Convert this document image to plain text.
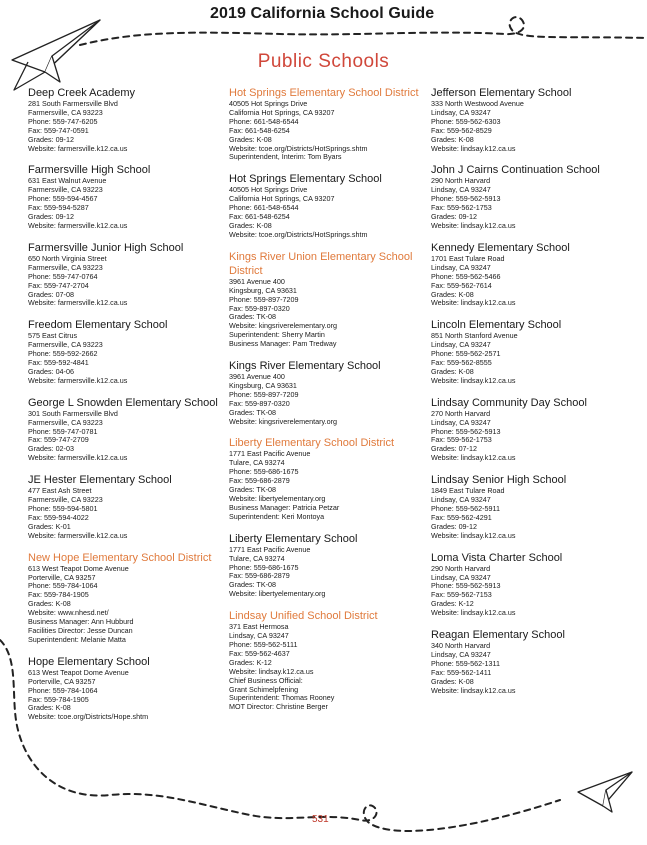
2019 California School Guide
Public Schools
Deep Creek Academy
281 South Farmersville Blvd
Farmersville, CA 93223
Phone: 559-747-6205
Fax: 559-747-0591
Grades: 09-12
Website: farmersville.k12.ca.us
Farmersville High School
631 East Walnut Avenue
Farmersville, CA 93223
Phone: 559-594-4567
Fax: 559-594-5287
Grades: 09-12
Website: farmersville.k12.ca.us
Farmersville Junior High School
650 North Virginia Street
Farmersville, CA 93223
Phone: 559-747-0764
Fax: 559-747-2704
Grades: 07-08
Website: farmersville.k12.ca.us
Freedom Elementary School
575 East Citrus
Farmersville, CA 93223
Phone: 559-592-2662
Fax: 559-592-4841
Grades: 04-06
Website: farmersville.k12.ca.us
George L Snowden Elementary School
301 South Farmersville Blvd
Farmersville, CA 93223
Phone: 559-747-0781
Fax: 559-747-2709
Grades: 02-03
Website: farmersville.k12.ca.us
JE Hester Elementary School
477 East Ash Street
Farmersville, CA 93223
Phone: 559-594-5801
Fax: 559-594-4022
Grades: K-01
Website: farmersville.k12.ca.us
New Hope Elementary School District
613 West Teapot Dome Avenue
Porterville, CA 93257
Phone: 559-784-1064
Fax: 559-784-1905
Grades: K-08
Website: www.nhesd.net/
Business Manager: Ann Hubburd
Facilities Director: Jesse Duncan
Superintendent: Melanie Matta
Hope Elementary School
613 West Teapot Dome Avenue
Porterville, CA 93257
Phone: 559-784-1064
Fax: 559-784-1905
Grades: K-08
Website: tcoe.org/Districts/Hope.shtm
Hot Springs Elementary School District
40505 Hot Springs Drive
California Hot Springs, CA 93207
Phone: 661-548-6544
Fax: 661-548-6254
Grades: K-08
Website: tcoe.org/Districts/HotSprings.shtm
Superintendent, Interim: Tom Byars
Hot Springs Elementary School
40505 Hot Springs Drive
California Hot Springs, CA 93207
Phone: 661-548-6544
Fax: 661-548-6254
Grades: K-08
Website: tcoe.org/Districts/HotSprings.shtm
Kings River Union Elementary School District
3961 Avenue 400
Kingsburg, CA 93631
Phone: 559-897-7209
Fax: 559-897-0320
Grades: TK-08
Website: kingsriverelementary.org
Superintendent: Sherry Martin
Business Manager: Pam Tredway
Kings River Elementary School
3961 Avenue 400
Kingsburg, CA 93631
Phone: 559-897-7209
Fax: 559-897-0320
Grades: TK-08
Website: kingsriverelementary.org
Liberty Elementary School District
1771 East Pacific Avenue
Tulare, CA 93274
Phone: 559-686-1675
Fax: 559-686-2879
Grades: TK-08
Website: libertyelementary.org
Business Manager: Patricia Petzar
Superintendent: Keri Montoya
Liberty Elementary School
1771 East Pacific Avenue
Tulare, CA 93274
Phone: 559-686-1675
Fax: 559-686-2879
Grades: TK-08
Website: libertyelementary.org
Lindsay Unified School District
371 East Hermosa
Lindsay, CA 93247
Phone: 559-562-5111
Fax: 559-562-4637
Grades: K-12
Website: lindsay.k12.ca.us
Chief Business Official:
Grant Schimelpfening
Superintendent: Thomas Rooney
MOT Director: Christine Berger
Jefferson Elementary School
333 North Westwood Avenue
Lindsay, CA 93247
Phone: 559-562-6303
Fax: 559-562-8529
Grades: K-08
Website: lindsay.k12.ca.us
John J Cairns Continuation School
290 North Harvard
Lindsay, CA 93247
Phone: 559-562-5913
Fax: 559-562-1753
Grades: 09-12
Website: lindsay.k12.ca.us
Kennedy Elementary School
1701 East Tulare Road
Lindsay, CA 93247
Phone: 559-562-5466
Fax: 559-562-7614
Grades: K-08
Website: lindsay.k12.ca.us
Lincoln Elementary School
851 North Stanford Avenue
Lindsay, CA 93247
Phone: 559-562-2571
Fax: 559-562-8555
Grades: K-08
Website: lindsay.k12.ca.us
Lindsay Community Day School
270 North Harvard
Lindsay, CA 93247
Phone: 559-562-5913
Fax: 559-562-1753
Grades: 07-12
Website: lindsay.k12.ca.us
Lindsay Senior High School
1849 East Tulare Road
Lindsay, CA 93247
Phone: 559-562-5911
Fax: 559-562-4291
Grades: 09-12
Website: lindsay.k12.ca.us
Loma Vista Charter School
290 North Harvard
Lindsay, CA 93247
Phone: 559-562-5913
Fax: 559-562-7153
Grades: K-12
Website: lindsay.k12.ca.us
Reagan Elementary School
340 North Harvard
Lindsay, CA 93247
Phone: 559-562-1311
Fax: 559-562-1411
Grades: K-08
Website: lindsay.k12.ca.us
531
